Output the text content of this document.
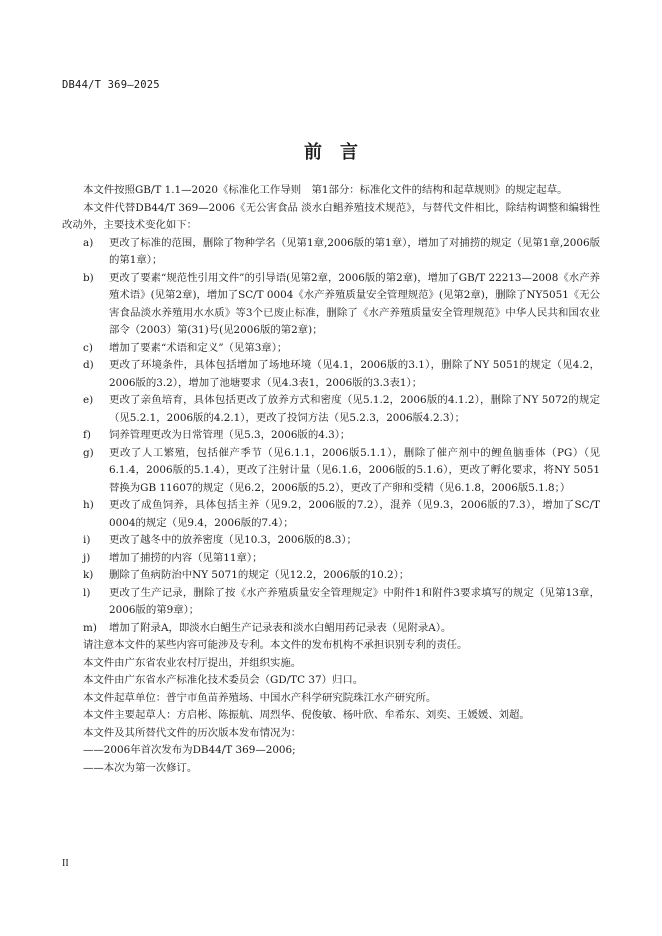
DB44/T 369—2025
前　言

本文件按照GB/T 1.1—2020《标准化工作导则　第1部分：标准化文件的结构和起草规则》的规定起草。

本文件代替DB44/T 369—2006《无公害食品 淡水白鲳养殖技术规范》，与替代文件相比，除结构调整和编辑性改动外，主要技术变化如下：

a)	更改了标准的范围，删除了物种学名（见第1章,2006版的第1章），增加了对捕捞的规定（见第1章,2006版的第1章）；
b)	更改了要素“规范性引用文件”的引导语(见第2章，2006版的第2章)，增加了GB/T 22213—2008《水产养殖术语》(见第2章)，增加了SC/T 0004《水产养殖质量安全管理规范》(见第2章)，删除了NY5051《无公害食品淡水养殖用水水质》等3个已废止标准，删除了《水产养殖质量安全管理规范》中华人民共和国农业部令（2003）第(31)号(见2006版的第2章)；
c)	增加了要素“术语和定义”（见第3章）；
d)	更改了环境条件，具体包括增加了场地环境（见4.1，2006版的3.1），删除了NY 5051的规定（见4.2，2006版的3.2），增加了池塘要求（见4.3表1，2006版的3.3表1）；
e)	更改了亲鱼培育，具体包括更改了放养方式和密度（见5.1.2，2006版的4.1.2），删除了NY 5072的规定（见5.2.1，2006版的4.2.1），更改了投饲方法（见5.2.3，2006版4.2.3）；
f)	饲养管理更改为日常管理（见5.3，2006版的4.3）；
g)	更改了人工繁殖，包括催产季节（见6.1.1，2006版5.1.1），删除了催产剂中的鲤鱼脑垂体（PG）（见6.1.4，2006版的5.1.4），更改了注射计量（见6.1.6，2006版的5.1.6），更改了孵化要求，将NY 5051替换为GB 11607的规定（见6.2，2006版的5.2），更改了产卵和受精（见6.1.8，2006版5.1.8；）
h)	更改了成鱼饲养，具体包括主养（见9.2，2006版的7.2），混养（见9.3，2006版的7.3），增加了SC/T 0004的规定（见9.4，2006版的7.4）；
i)	更改了越冬中的放养密度（见10.3，2006版的8.3）；
j)	增加了捕捞的内容（见第11章）；
k)	删除了鱼病防治中NY 5071的规定（见12.2，2006版的10.2）；
l)	更改了生产记录，删除了按《水产养殖质量安全管理规定》中附件1和附件3要求填写的规定（见第13章，2006版的第9章）；
m)	增加了附录A，即淡水白鲳生产记录表和淡水白鲳用药记录表（见附录A）。

请注意本文件的某些内容可能涉及专利。本文件的发布机构不承担识别专利的责任。

本文件由广东省农业农村厅提出，并组织实施。

本文件由广东省水产标准化技术委员会（GD/TC 37）归口。

本文件起草单位：普宁市鱼苗养殖场、中国水产科学研究院珠江水产研究所。

本文件主要起草人：方启彬、陈振航、周烈华、倪俊敏、杨叶欣、牟希东、刘奕、王媛媛、刘超。

本文件及其所替代文件的历次版本发布情况为：

——2006年首次发布为DB44/T 369—2006;

——本次为第一次修订。

II
